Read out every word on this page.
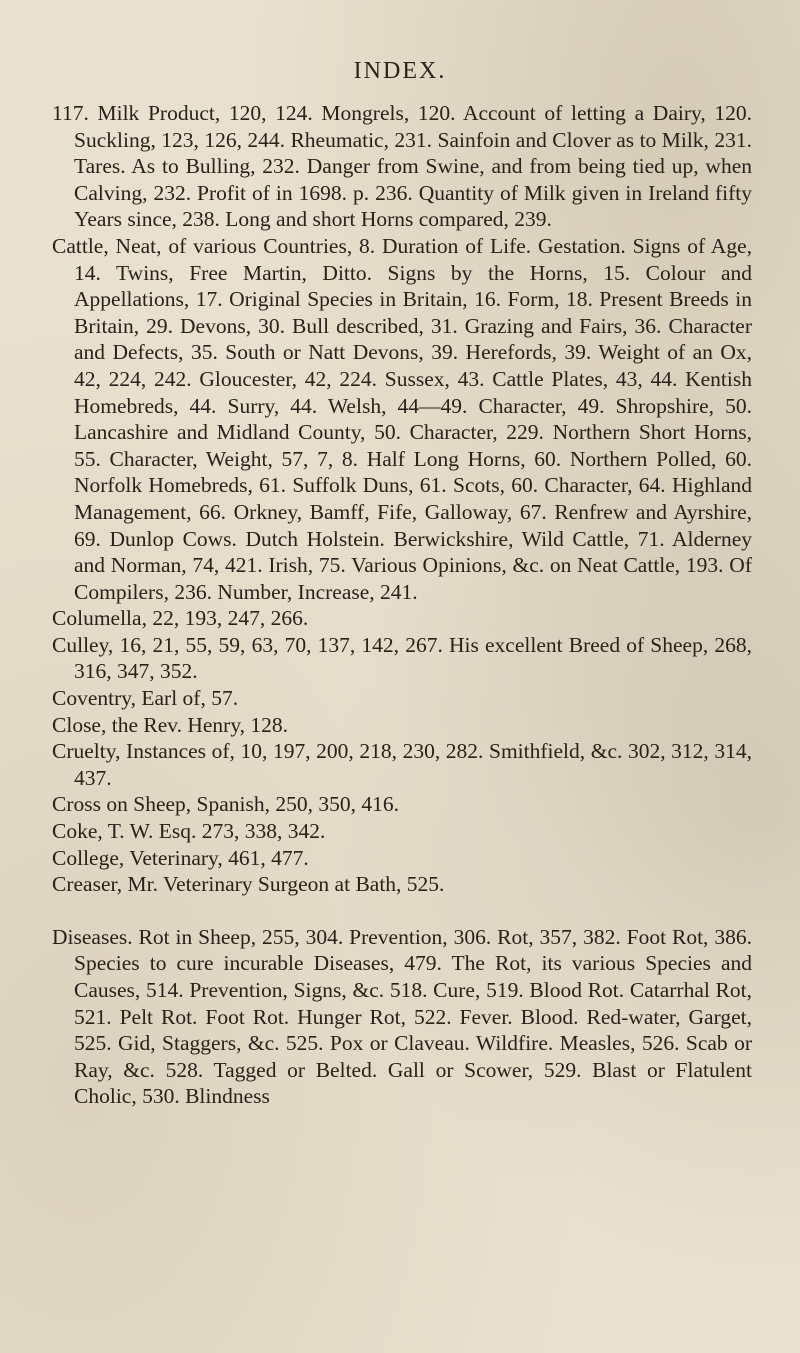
INDEX.

117. Milk Product, 120, 124. Mongrels, 120. Account of letting a Dairy, 120. Suckling, 123, 126, 244. Rheumatic, 231. Sainfoin and Clover as to Milk, 231. Tares. As to Bulling, 232. Danger from Swine, and from being tied up, when Calving, 232. Profit of in 1698. p. 236. Quantity of Milk given in Ireland fifty Years since, 238. Long and short Horns compared, 239.

Cattle, Neat, of various Countries, 8. Duration of Life. Gestation. Signs of Age, 14. Twins, Free Martin, Ditto. Signs by the Horns, 15. Colour and Appellations, 17. Original Species in Britain, 16. Form, 18. Present Breeds in Britain, 29. Devons, 30. Bull described, 31. Grazing and Fairs, 36. Character and Defects, 35. South or Natt Devons, 39. Herefords, 39. Weight of an Ox, 42, 224, 242. Gloucester, 42, 224. Sussex, 43. Cattle Plates, 43, 44. Kentish Homebreds, 44. Surry, 44. Welsh, 44—49. Character, 49. Shropshire, 50. Lancashire and Midland County, 50. Character, 229. Northern Short Horns, 55. Character, Weight, 57, 7, 8. Half Long Horns, 60. Northern Polled, 60. Norfolk Homebreds, 61. Suffolk Duns, 61. Scots, 60. Character, 64. Highland Management, 66. Orkney, Bamff, Fife, Galloway, 67. Renfrew and Ayrshire, 69. Dunlop Cows. Dutch Holstein. Berwickshire, Wild Cattle, 71. Alderney and Norman, 74, 421. Irish, 75. Various Opinions, &c. on Neat Cattle, 193. Of Compilers, 236. Number, Increase, 241.

Columella, 22, 193, 247, 266.

Culley, 16, 21, 55, 59, 63, 70, 137, 142, 267. His excellent Breed of Sheep, 268, 316, 347, 352.

Coventry, Earl of, 57.

Close, the Rev. Henry, 128.

Cruelty, Instances of, 10, 197, 200, 218, 230, 282. Smithfield, &c. 302, 312, 314, 437.

Cross on Sheep, Spanish, 250, 350, 416.

Coke, T. W. Esq. 273, 338, 342.

College, Veterinary, 461, 477.

Creaser, Mr. Veterinary Surgeon at Bath, 525.

Diseases. Rot in Sheep, 255, 304. Prevention, 306. Rot, 357, 382. Foot Rot, 386. Species to cure incurable Diseases, 479. The Rot, its various Species and Causes, 514. Prevention, Signs, &c. 518. Cure, 519. Blood Rot. Catarrhal Rot, 521. Pelt Rot. Foot Rot. Hunger Rot, 522. Fever. Blood. Red-water, Garget, 525. Gid, Staggers, &c. 525. Pox or Claveau. Wildfire. Measles, 526. Scab or Ray, &c. 528. Tagged or Belted. Gall or Scower, 529. Blast or Flatulent Cholic, 530. Blindness
